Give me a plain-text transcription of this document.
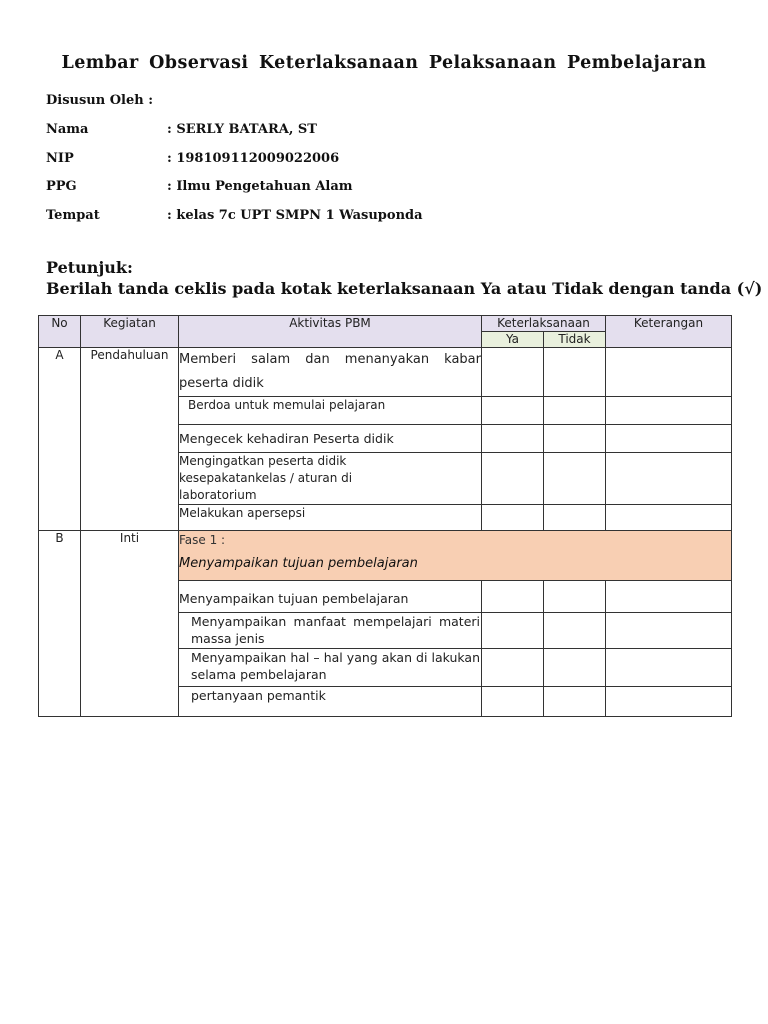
Lembar Observasi Keterlaksanaan Pelaksanaan Pembelajaran
Disusun Oleh :
Nama	: SERLY BATARA, ST
NIP	: 198109112009022006
PPG	: Ilmu Pengetahuan Alam
Tempat	: kelas 7c UPT SMPN 1 Wasuponda
Petunjuk:
Berilah tanda ceklis pada kotak keterlaksanaan Ya atau Tidak dengan tanda (√)
No	Kegiatan	Aktivitas PBM	Keterlaksanaan		Keterangan
			Ya	Tidak	
A	Pendahuluan	Memberi salam dan menanyakan kabar peserta didik			
		Berdoa untuk memulai pelajaran			
		Mengecek kehadiran Peserta didik			
		Mengingatkan peserta didik kesepakatankelas / aturan di laboratorium			
		Melakukan apersepsi			
B	Inti	Fase 1 :
Menyampaikan tujuan pembelajaran			

		Menyampaikan tujuan pembelajaran			
		Menyampaikan manfaat mempelajari materi massa jenis			
		Menyampaikan hal – hal yang akan di lakukan selama pembelajaran			
		pertanyaan pemantik			
